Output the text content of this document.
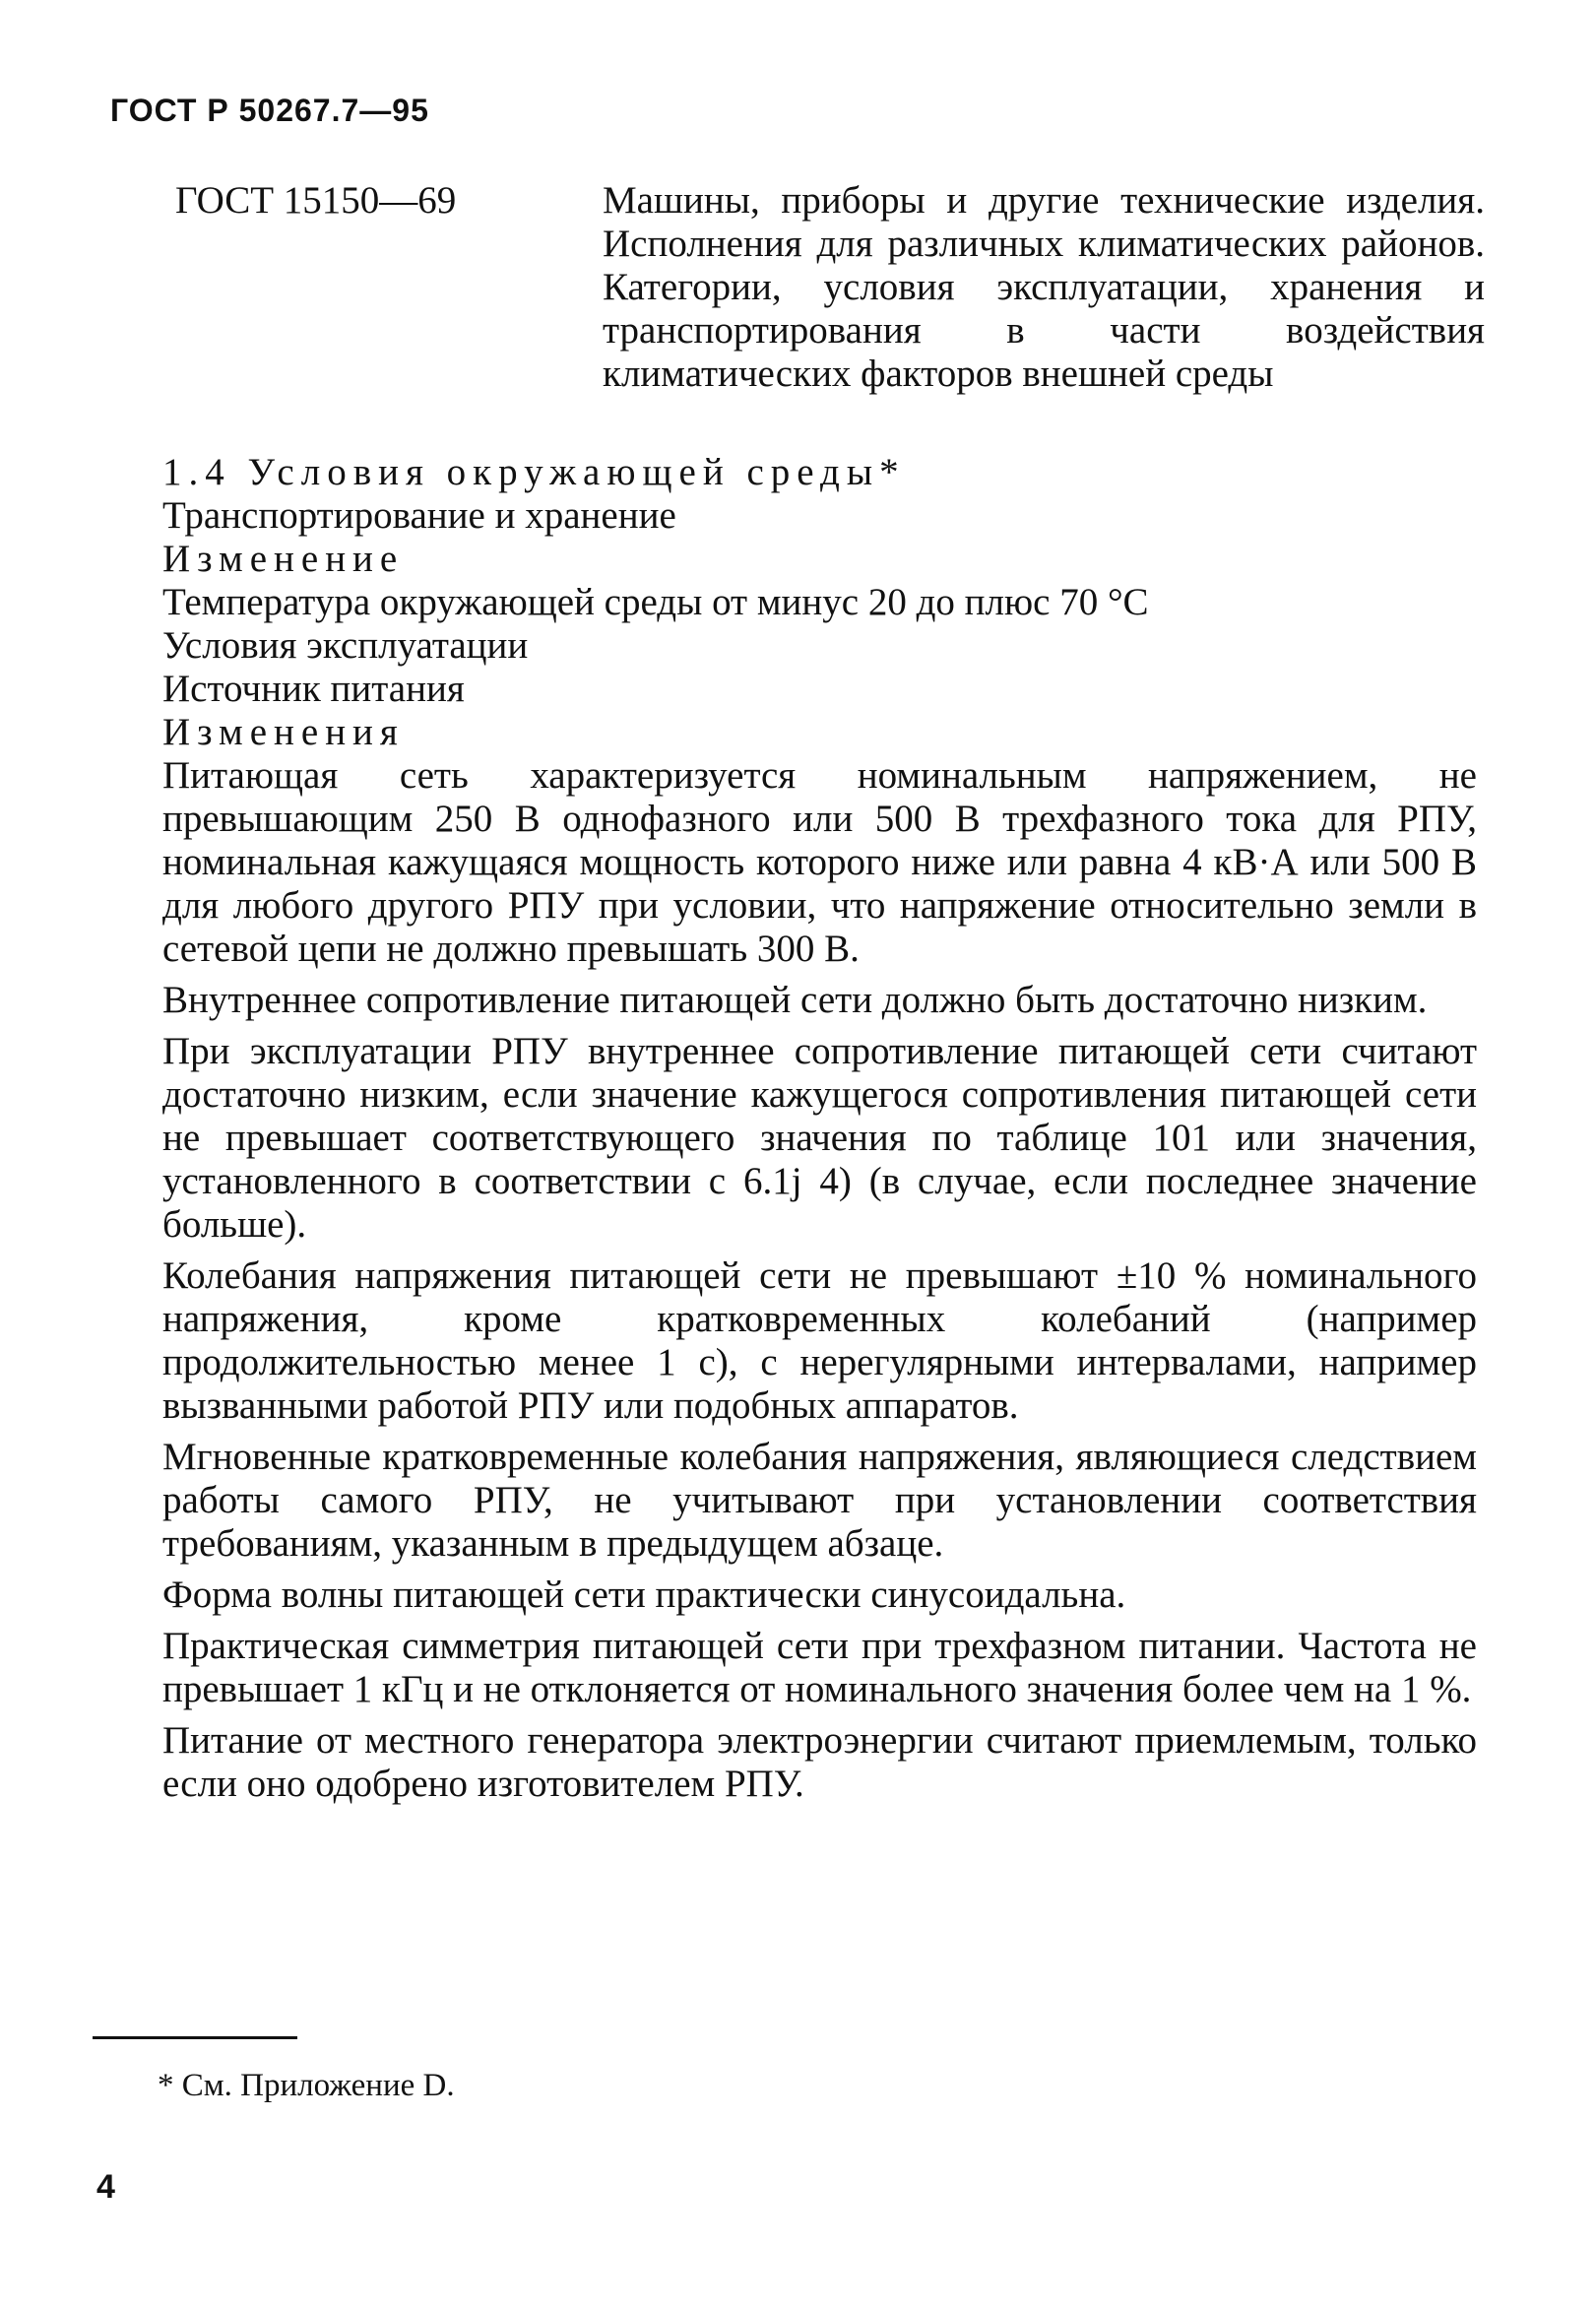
ГОСТ Р 50267.7—95
ГОСТ 15150—69	Машины, приборы и другие технические изделия. Исполнения для различных климатических районов. Категории, условия эксплуатации, хранения и транспортирования в части воздействия климатических факторов внешней среды

1.4 Условия окружающей среды*

Транспортирование и хранение

Изменение

Температура окружающей среды от минус 20 до плюс 70 °С

Условия эксплуатации

Источник питания

Изменения

Питающая сеть характеризуется номинальным напряжением, не превышающим 250 В однофазного или 500 В трехфазного тока для РПУ, номинальная кажущаяся мощность которого ниже или равна 4 кВ·А или 500 В для любого другого РПУ при условии, что напряжение относительно земли в сетевой цепи не должно превышать 300 В.

Внутреннее сопротивление питающей сети должно быть достаточно низким.

При эксплуатации РПУ внутреннее сопротивление питающей сети считают достаточно низким, если значение кажущегося сопротивления питающей сети не превышает соответствующего значения по таблице 101 или значения, установленного в соответствии с 6.1j 4) (в случае, если последнее значение больше).

Колебания напряжения питающей сети не превышают ±10 % номинального напряжения, кроме кратковременных колебаний (например продолжительностью менее 1 с), с нерегулярными интервалами, например вызванными работой РПУ или подобных аппаратов.

Мгновенные кратковременные колебания напряжения, являющиеся следствием работы самого РПУ, не учитывают при установлении соответствия требованиям, указанным в предыдущем абзаце.

Форма волны питающей сети практически синусоидальна.

Практическая симметрия питающей сети при трехфазном питании. Частота не превышает 1 кГц и не отклоняется от номинального значения более чем на 1 %.

Питание от местного генератора электроэнергии считают приемлемым, только если оно одобрено изготовителем РПУ.

* См. Приложение D.
4
